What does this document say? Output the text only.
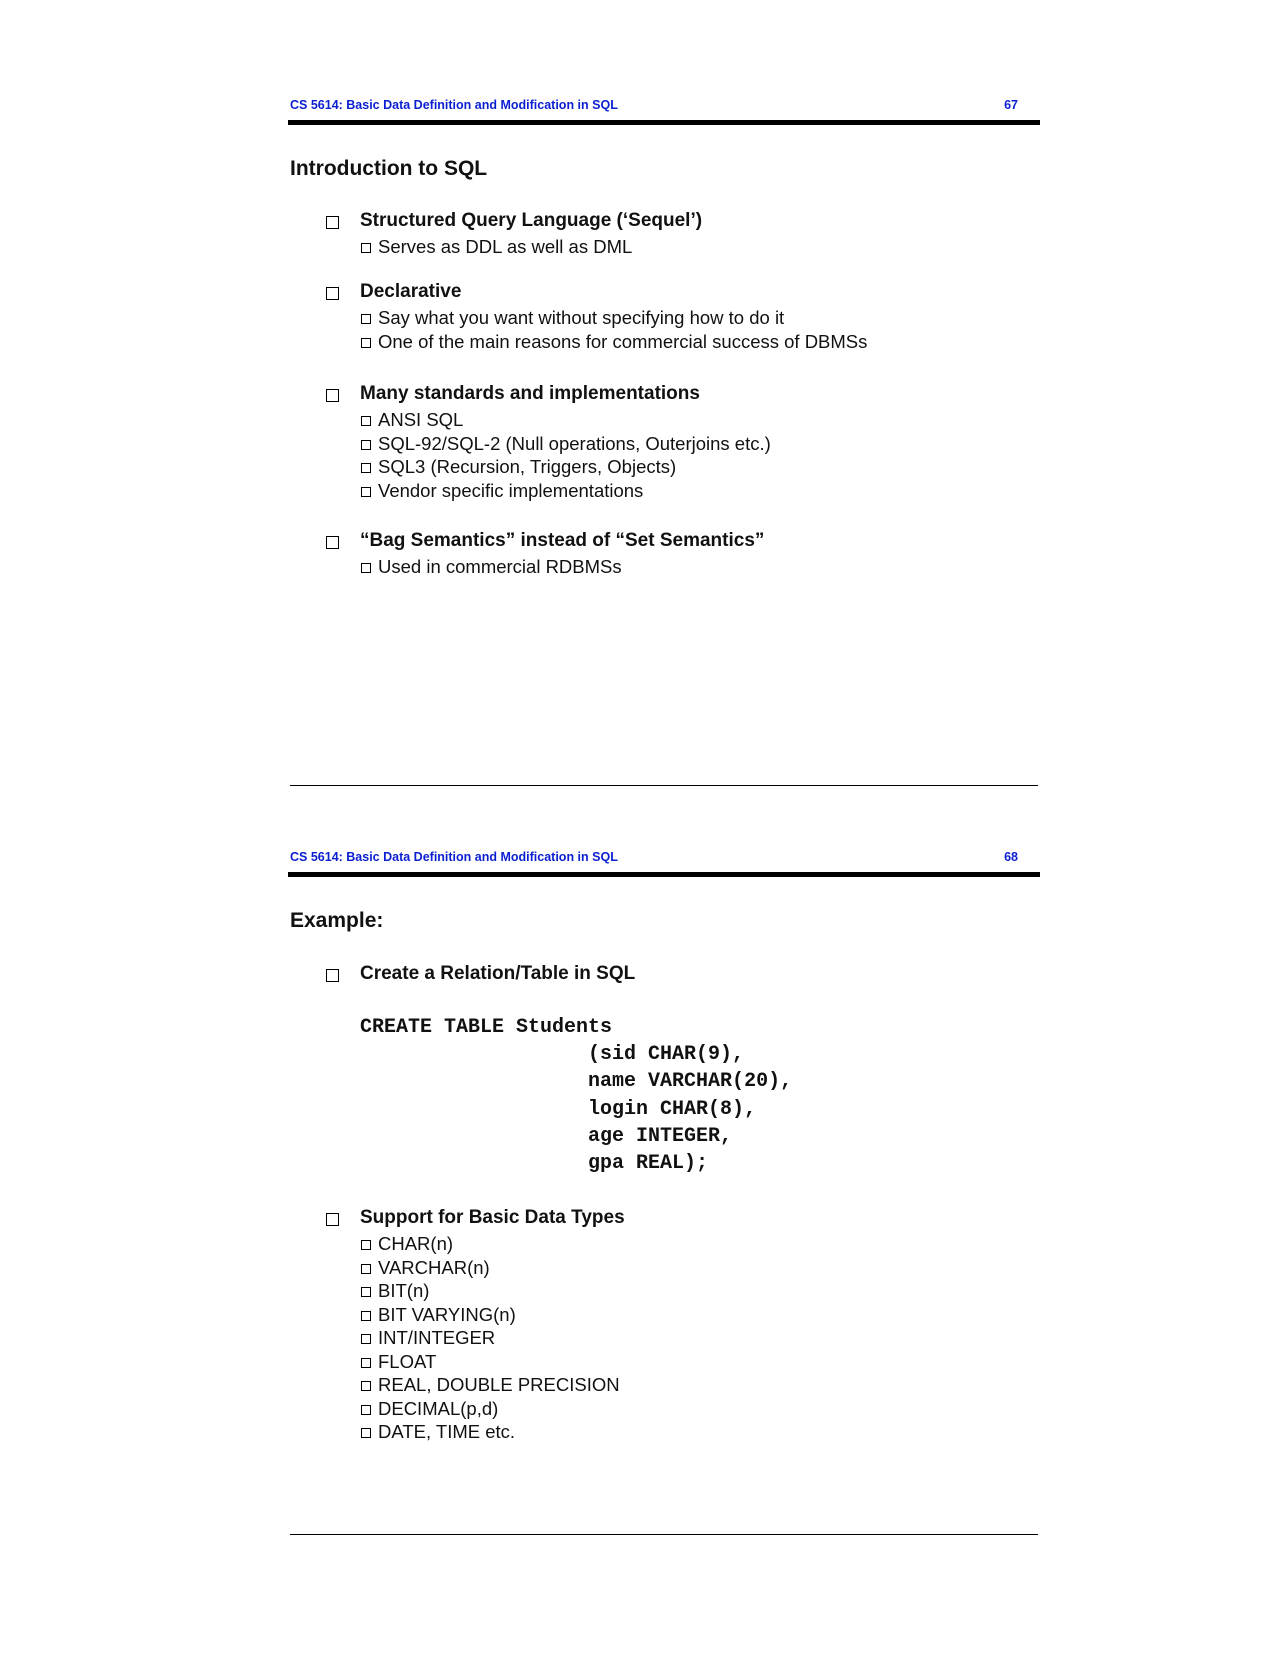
CS 5614: Basic Data Definition and Modification in SQL	67
Introduction to SQL
Structured Query Language (‘Sequel’)
Serves as DDL as well as DML
Declarative
Say what you want without specifying how to do it
One of the main reasons for commercial success of DBMSs
Many standards and implementations
ANSI SQL
SQL-92/SQL-2 (Null operations, Outerjoins etc.)
SQL3 (Recursion, Triggers, Objects)
Vendor specific implementations
“Bag Semantics” instead of “Set Semantics”
Used in commercial RDBMSs
CS 5614: Basic Data Definition and Modification in SQL	68
Example:
Create a Relation/Table in SQL
CREATE TABLE Students
(sid CHAR(9),
name VARCHAR(20),
login CHAR(8),
age INTEGER,
gpa REAL);
Support for Basic Data Types
CHAR(n)
VARCHAR(n)
BIT(n)
BIT VARYING(n)
INT/INTEGER
FLOAT
REAL, DOUBLE PRECISION
DECIMAL(p,d)
DATE, TIME etc.
